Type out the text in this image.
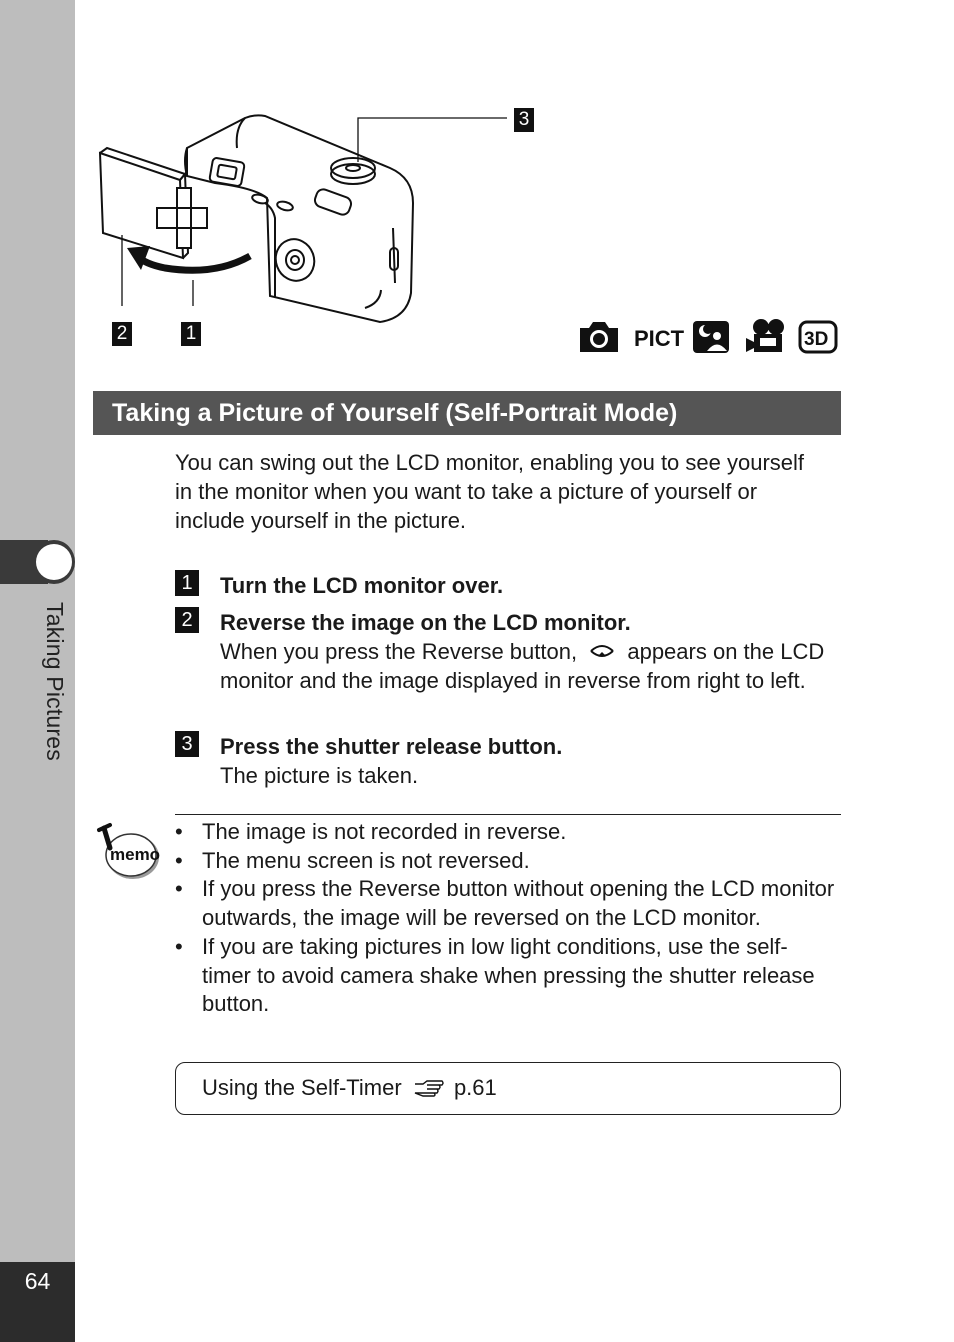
Taking Pictures
64
3
2	1	PICT	3D
Taking a Picture of Yourself (Self-Portrait Mode)
You can swing out the LCD monitor, enabling you to see yourself in the monitor when you want to take a picture of yourself or include yourself in the picture.
1 Turn the LCD monitor over.
2 Reverse the image on the LCD monitor.
When you press the Reverse button, appears on the LCD monitor and the image displayed in reverse from right to left.
3 Press the shutter release button.
The picture is taken.
memo
• The image is not recorded in reverse.
• The menu screen is not reversed.
• If you press the Reverse button without opening the LCD monitor outwards, the image will be reversed on the LCD monitor.
• If you are taking pictures in low light conditions, use the self-timer to avoid camera shake when pressing the shutter release button.
Using the Self-Timer p.61
